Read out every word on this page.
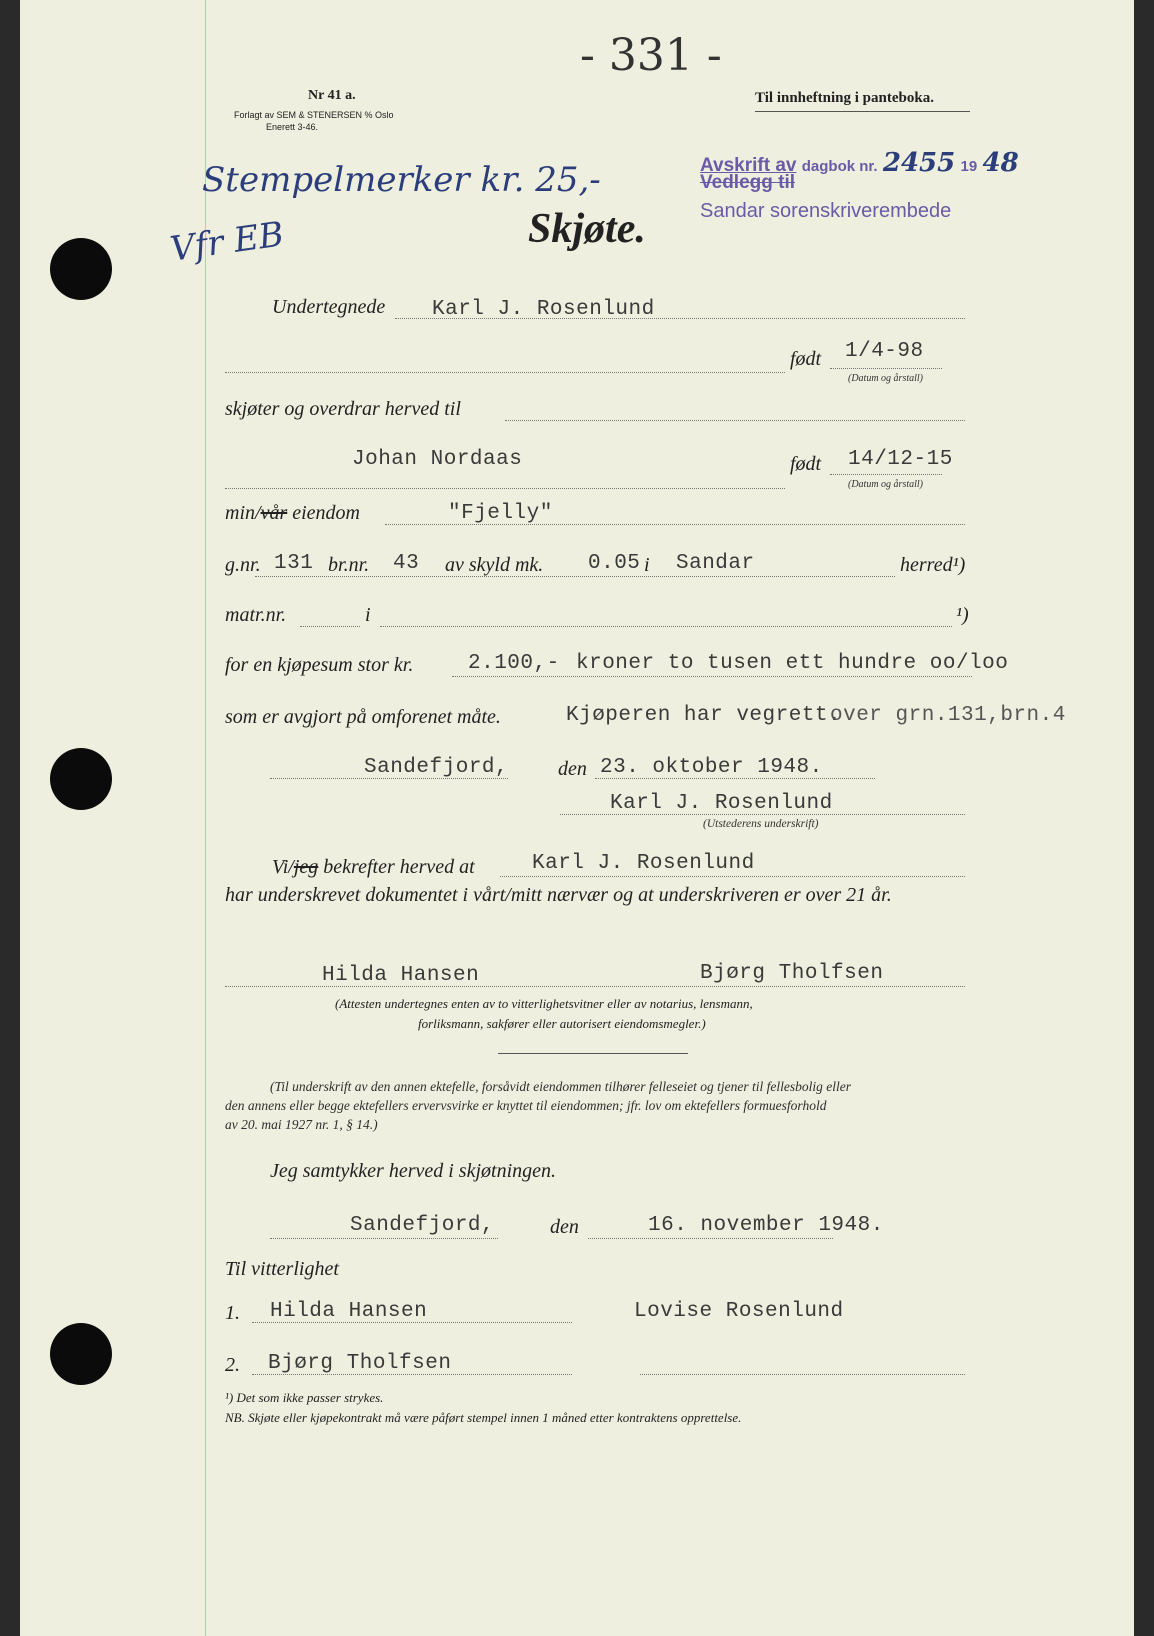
- 331 -
Nr 41 a.
Forlagt av SEM & STENERSEN % Oslo
Enerett 3-46.
Til innheftning i panteboka.
Stempelmerker kr. 25,-
Vfr EB
Avskrift av dagbok nr. 2455 19 48
Vedlegg til
Sandar sorenskriverembede
Skjøte.
Undertegnede Karl J. Rosenlund
født 1/4-98
(Datum og årstall)
skjøter og overdrar herved til
Johan Nordaas	født 14/12-15
(Datum og årstall)
min/vår eiendom	"Fjelly"
g.nr. 131 br.nr. 43 av skyld mk. 0.05 i Sandar	herred¹)
matr.nr.	i	¹)
for en kjøpesum stor kr.	2.100,- kroner to tusen ett hundre oo/loo
som er avgjort på omforenet måte.	Kjøperen har vegrett.
over grn.131,brn.4
Sandefjord, den 23. oktober 1948.
Karl J. Rosenlund
(Utstederens underskrift)
Vi/jeg bekrefter herved at	Karl J. Rosenlund
har underskrevet dokumentet i vårt/mitt nærvær og at underskriveren er over 21 år.
Hilda Hansen	Bjørg Tholfsen
(Attesten undertegnes enten av to vitterlighetsvitner eller av notarius, lensmann,
forliksmann, sakfører eller autorisert eiendomsmegler.)
(Til underskrift av den annen ektefelle, forsåvidt eiendommen tilhører felleseiet og tjener til fellesbolig eller
den annens eller begge ektefellers ervervsvirke er knyttet til eiendommen; jfr. lov om ektefellers formuesforhold
av 20. mai 1927 nr. 1, § 14.)
Jeg samtykker herved i skjøtningen.
Sandefjord,	den	16. november 1948.
Til vitterlighet
1. Hilda Hansen	Lovise Rosenlund
2. Bjørg Tholfsen
¹) Det som ikke passer strykes.
NB. Skjøte eller kjøpekontrakt må være påført stempel innen 1 måned etter kontraktens opprettelse.
